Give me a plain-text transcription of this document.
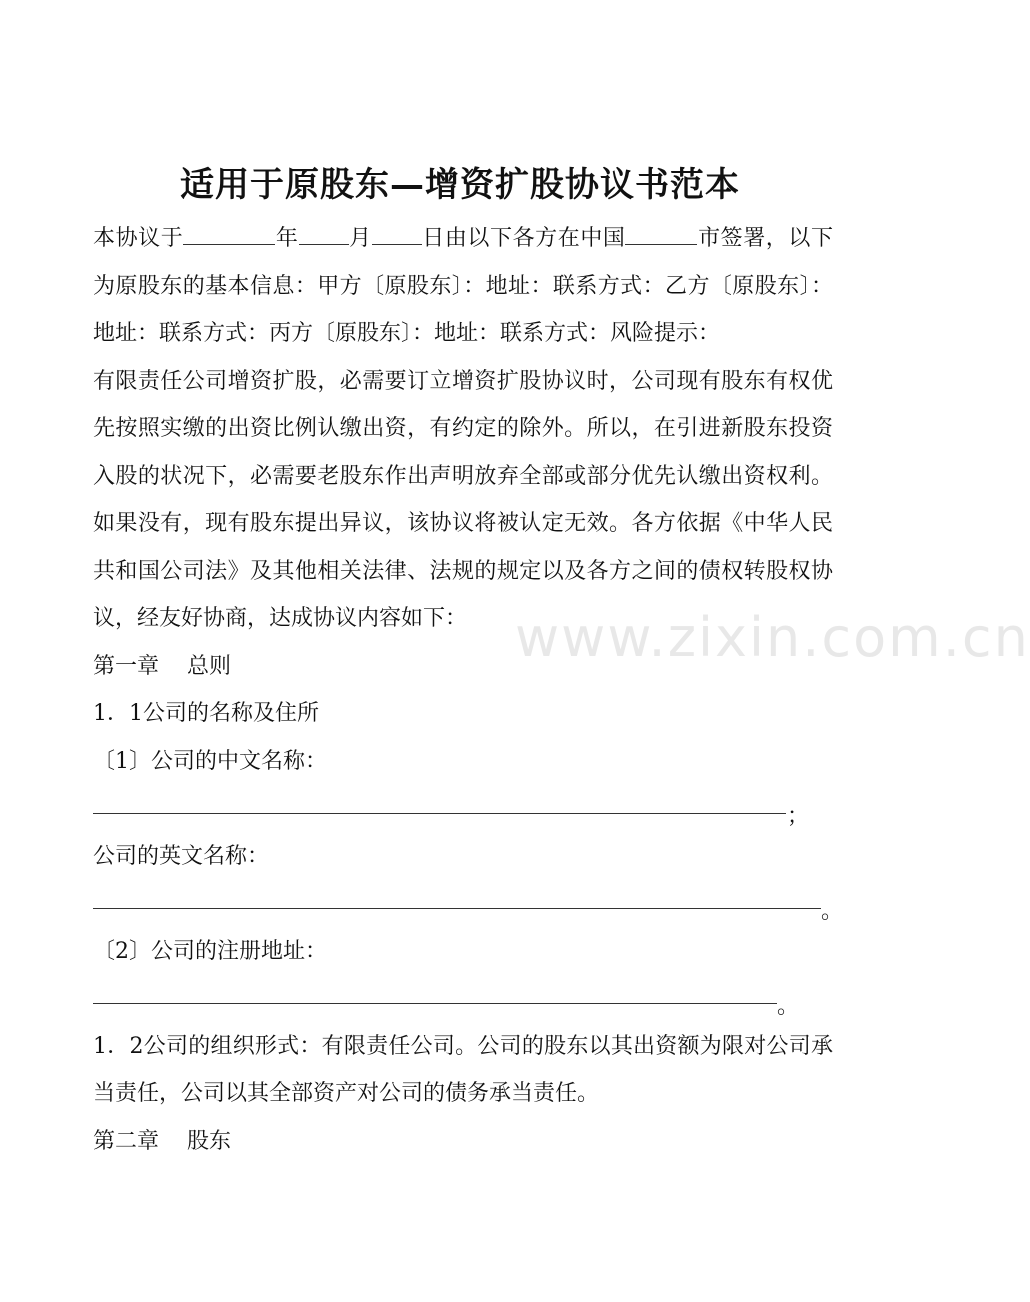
适用于原股东—增资扩股协议书范本

本协议于	年 月 日由以下各方在中国	市签署，以下为原股东的基本信息：甲方〔原股东〕：地址：联系方式：乙方〔原股东〕：地址：联系方式：丙方〔原股东〕：地址：联系方式：风险提示：

有限责任公司增资扩股，必需要订立增资扩股协议时，公司现有股东有权优先按照实缴的出资比例认缴出资，有约定的除外。所以，在引进新股东投资入股的状况下，必需要老股东作出声明放弃全部或部分优先认缴出资权利。如果没有，现有股东提出异议，该协议将被认定无效。各方依据《中华人民共和国公司法》及其他相关法律、法规的规定以及各方之间的债权转股权协议，经友好协商，达成协议内容如下：

第一章 总则

1．1公司的名称及住所

〔1〕公司的中文名称：

；

公司的英文名称：

。

〔2〕公司的注册地址：

。

1．2公司的组织形式：有限责任公司。公司的股东以其出资额为限对公司承当责任，公司以其全部资产对公司的债务承当责任。

第二章 股东

www.zixin.com.cn
